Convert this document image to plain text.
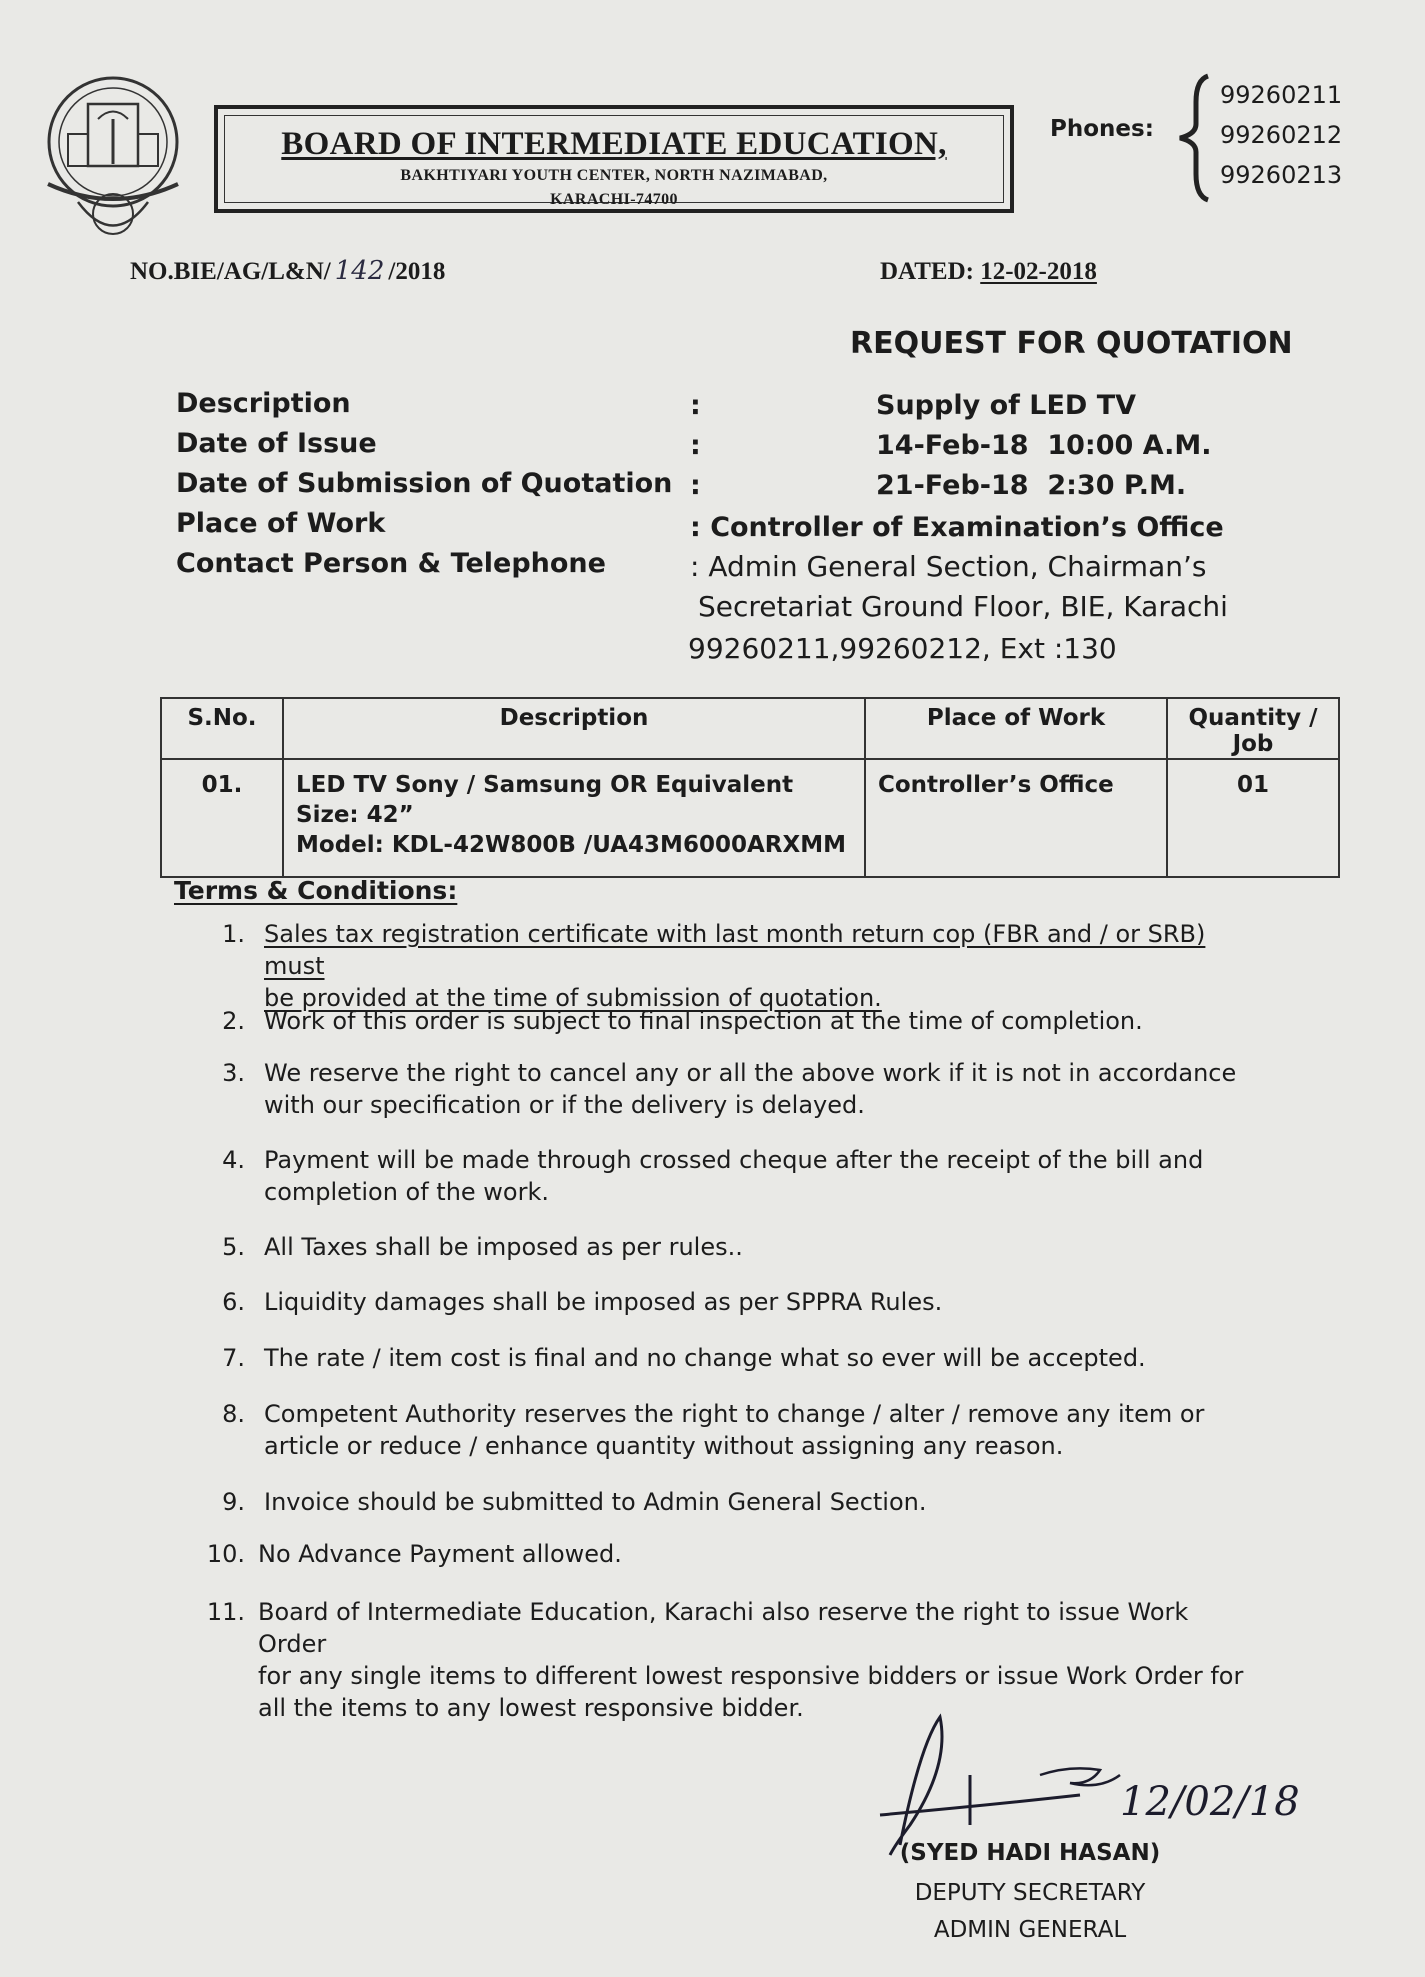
BOARD OF INTERMEDIATE EDUCATION,
BAKHTIYARI YOUTH CENTER, NORTH NAZIMABAD,
KARACHI-74700
Phones:
99260211
99260212
99260213
NO.BIE/AG/L&N/ 142 /2018	DATED: 12-02-2018
REQUEST FOR QUOTATION
Description	:	Supply of LED TV
Date of Issue	:	14-Feb-18  10:00 A.M.
Date of Submission of Quotation :	21-Feb-18  2:30 P.M.
Place of Work	: Controller of Examination’s Office
Contact Person & Telephone	: Admin General Section, Chairman’s
Secretariat Ground Floor, BIE, Karachi
99260211,99260212, Ext :130
S.No.	Description	Place of Work	Quantity / Job
01.	LED TV Sony / Samsung OR Equivalent
Size: 42”
Model: KDL-42W800B /UA43M6000ARXMM	Controller’s Office	01
Terms & Conditions:
1. Sales tax registration certificate with last month return cop (FBR and / or SRB) must
be provided at the time of submission of quotation.
2. Work of this order is subject to final inspection at the time of completion.
3. We reserve the right to cancel any or all the above work if it is not in accordance
with our specification or if the delivery is delayed.
4. Payment will be made through crossed cheque after the receipt of the bill and
completion of the work.
5. All Taxes shall be imposed as per rules..
6. Liquidity damages shall be imposed as per SPPRA Rules.
7. The rate / item cost is final and no change what so ever will be accepted.
8. Competent Authority reserves the right to change / alter / remove any item or
article or reduce / enhance quantity without assigning any reason.
9. Invoice should be submitted to Admin General Section.
10. No Advance Payment allowed.
11. Board of Intermediate Education, Karachi also reserve the right to issue Work Order
for any single items to different lowest responsive bidders or issue Work Order for
all the items to any lowest responsive bidder.
12/02/18
(SYED HADI HASAN)
DEPUTY SECRETARY
ADMIN GENERAL
